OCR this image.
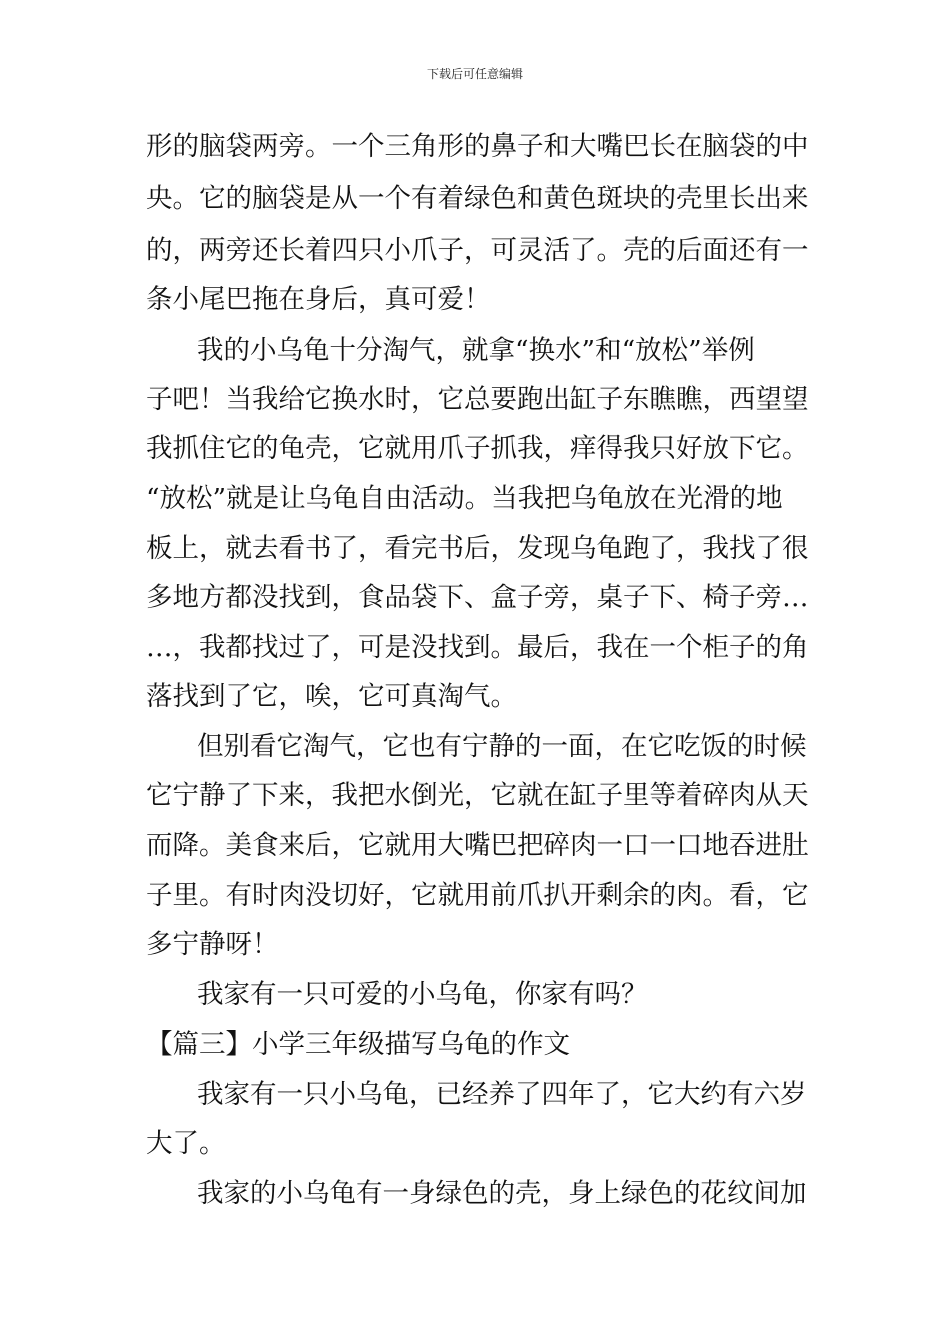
下载后可任意编辑
形的脑袋两旁。一个三角形的鼻子和大嘴巴长在脑袋的中
央。它的脑袋是从一个有着绿色和黄色斑块的壳里长出来
的，两旁还长着四只小爪子，可灵活了。壳的后面还有一
条小尾巴拖在身后，真可爱！
我的小乌龟十分淘气，就拿“换水”和“放松”举例
子吧！当我给它换水时，它总要跑出缸子东瞧瞧，西望望
我抓住它的龟壳，它就用爪子抓我，痒得我只好放下它。
“放松”就是让乌龟自由活动。当我把乌龟放在光滑的地
板上，就去看书了，看完书后，发现乌龟跑了，我找了很
多地方都没找到，食品袋下、盒子旁，桌子下、椅子旁…
…，我都找过了，可是没找到。最后，我在一个柜子的角
落找到了它，唉，它可真淘气。
但别看它淘气，它也有宁静的一面，在它吃饭的时候
它宁静了下来，我把水倒光，它就在缸子里等着碎肉从天
而降。美食来后，它就用大嘴巴把碎肉一口一口地吞进肚
子里。有时肉没切好，它就用前爪扒开剩余的肉。看，它
多宁静呀！
我家有一只可爱的小乌龟，你家有吗？
【篇三】小学三年级描写乌龟的作文
我家有一只小乌龟，已经养了四年了，它大约有六岁
大了。
我家的小乌龟有一身绿色的壳，身上绿色的花纹间加
